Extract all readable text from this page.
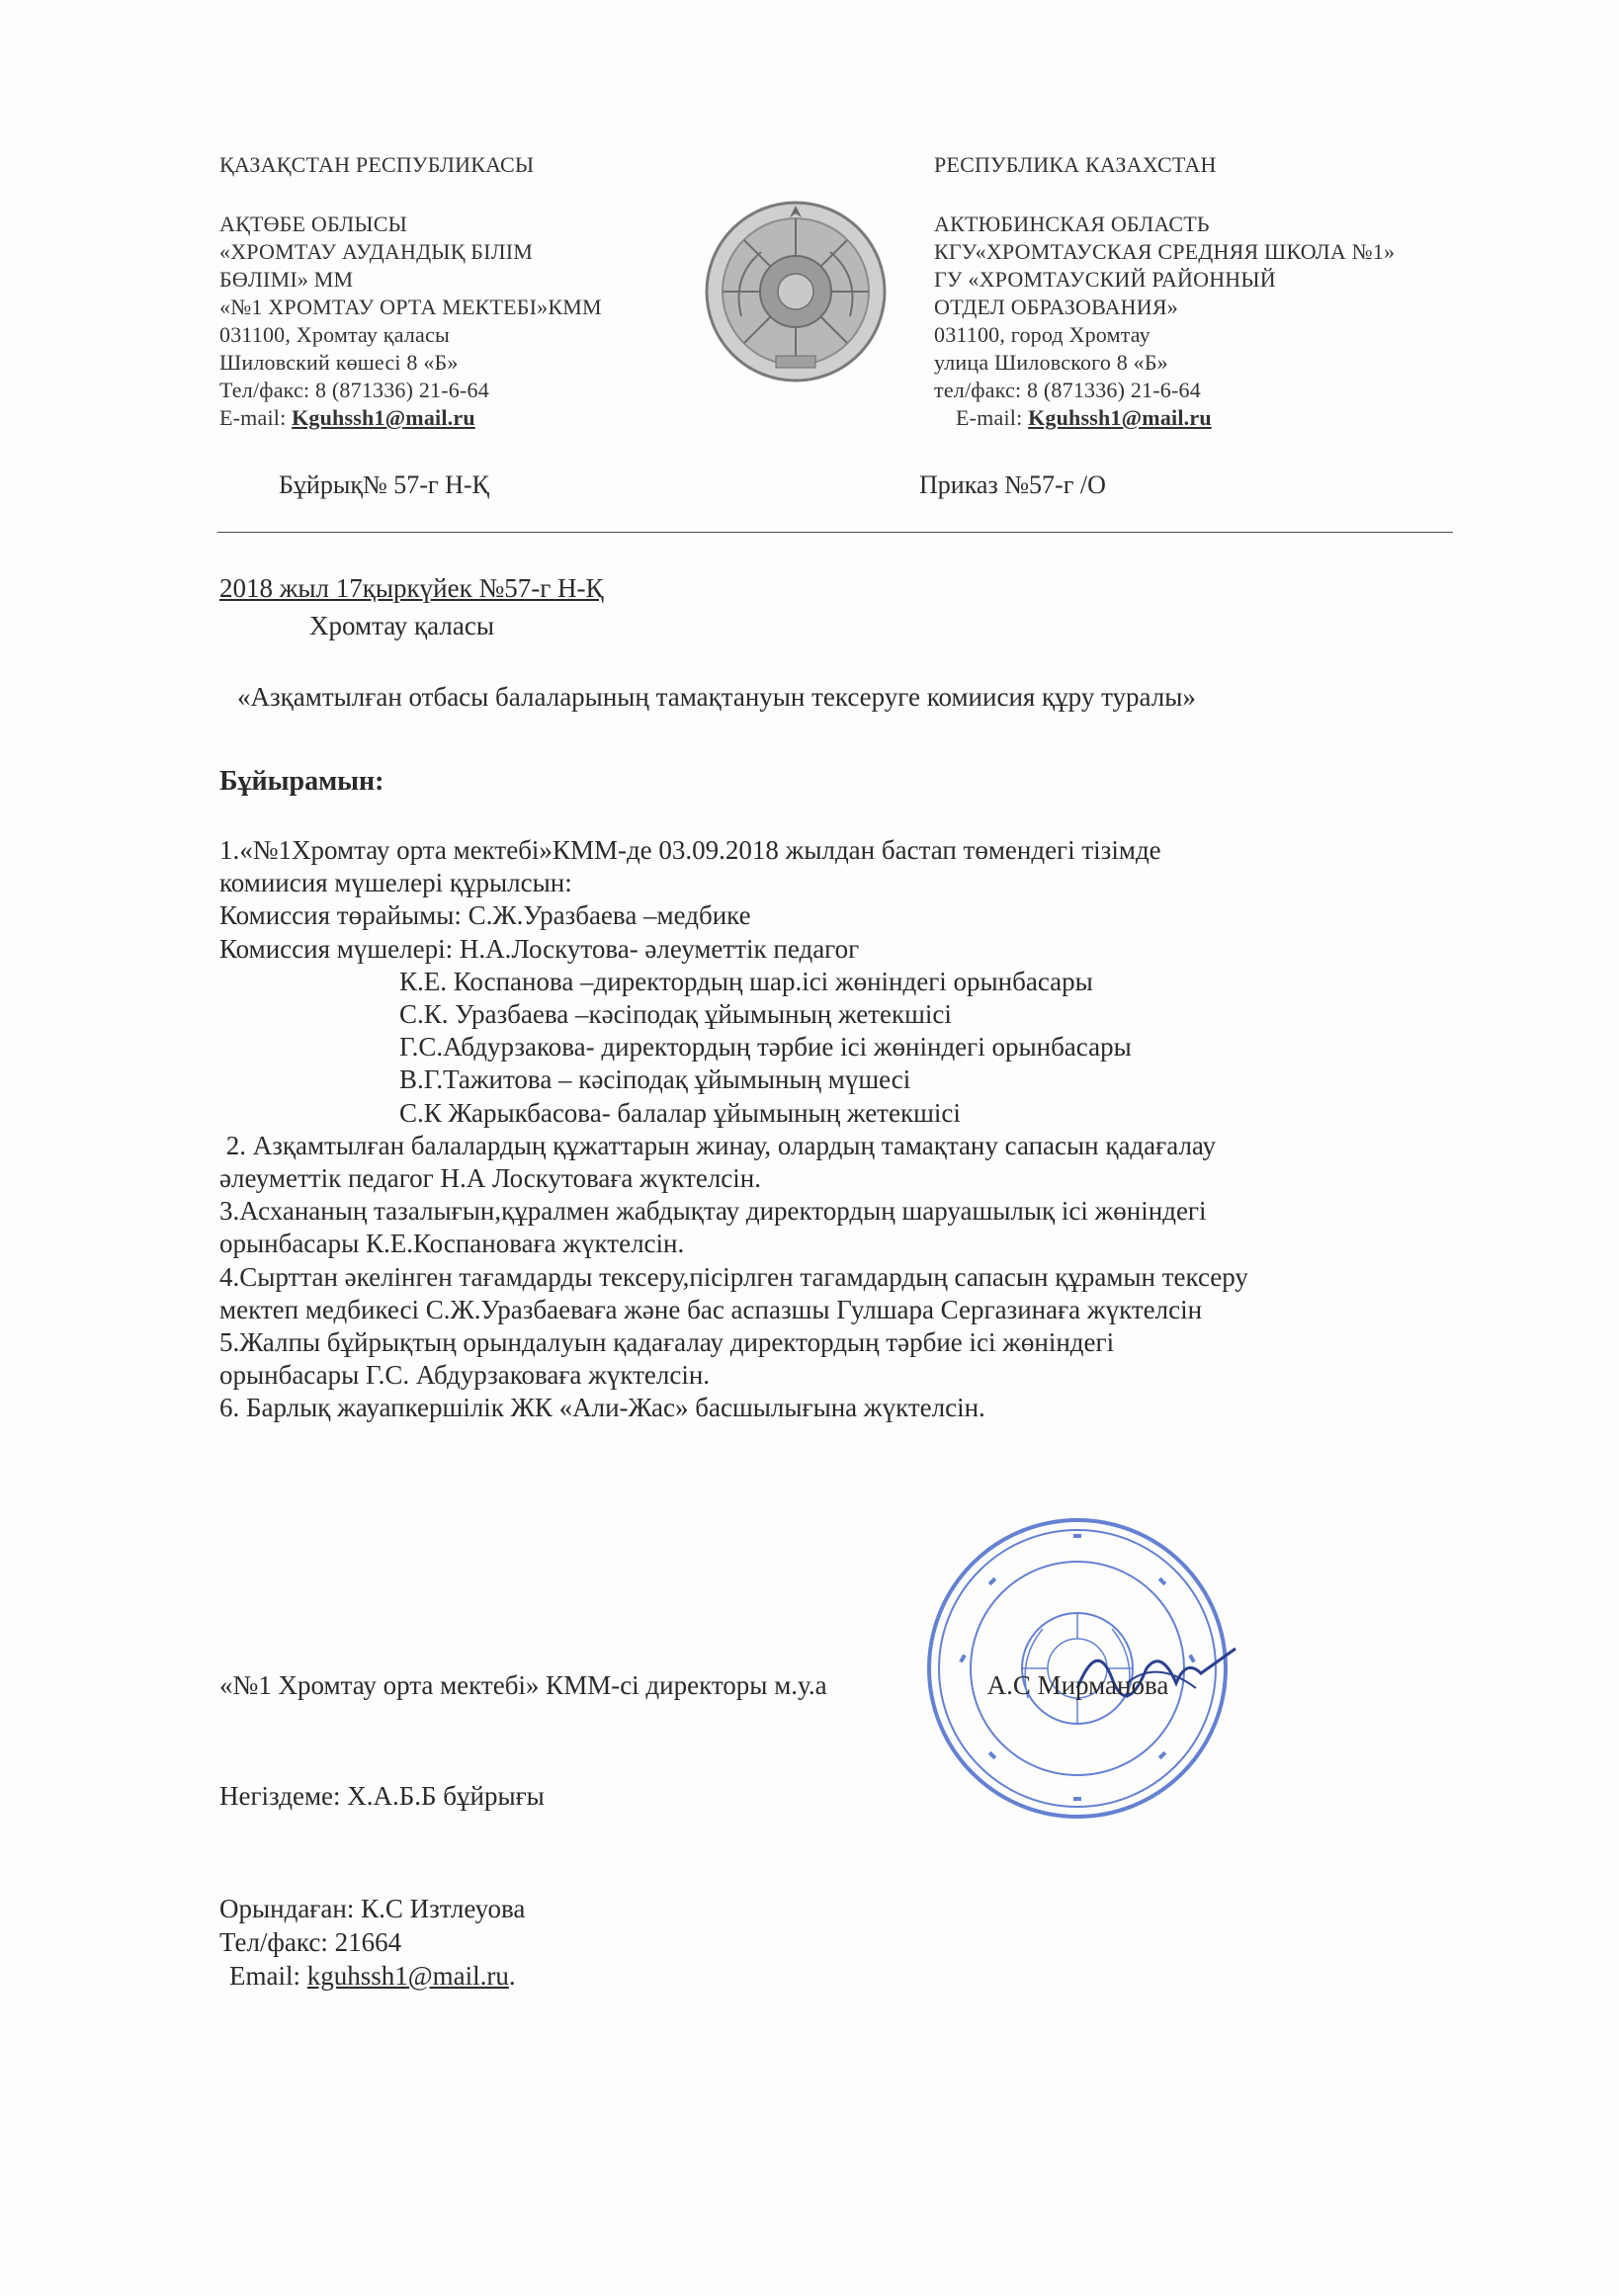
ҚАЗАҚСТАН РЕСПУБЛИКАСЫ
АҚТӨБЕ ОБЛЫСЫ
«ХРОМТАУ АУДАНДЫҚ БІЛІМ
БӨЛІМІ» ММ
«№1 ХРОМТАУ ОРТА МЕКТЕБІ»КММ
031100, Хромтау қаласы
Шиловский көшесі 8 «Б»
Тел/факс: 8 (871336) 21-6-64
E-mail: Kguhssh1@mail.ru
РЕСПУБЛИКА КАЗАХСТАН
АКТЮБИНСКАЯ ОБЛАСТЬ
КГУ«ХРОМТАУСКАЯ СРЕДНЯЯ ШКОЛА №1»
ГУ «ХРОМТАУСКИЙ РАЙОННЫЙ
ОТДЕЛ ОБРАЗОВАНИЯ»
031100, город Хромтау
улица Шиловского 8 «Б»
тел/факс: 8 (871336) 21-6-64
E-mail: Kguhssh1@mail.ru
Бұйрық№ 57-г Н-Қ	Приказ №57-г /О
2018 жыл 17қыркүйек №57-г Н-Қ
Хромтау қаласы
«Азқамтылған отбасы балаларының тамақтануын тексеруге комиисия құру туралы»
Бұйырамын:
1.«№1Хромтау орта мектебі»КММ-де 03.09.2018 жылдан бастап төмендегі тізімде
комиисия мүшелері құрылсын:
Комиссия төрайымы: С.Ж.Уразбаева –медбике
Комиссия мүшелері: Н.А.Лоскутова- әлеуметтік педагог
К.Е. Коспанова –директордың шар.ісі жөніндегі орынбасары
С.К. Уразбаева –кәсіподақ ұйымының жетекшісі
Г.С.Абдурзакова- директордың тәрбие ісі жөніндегі орынбасары
В.Г.Тажитова – кәсіподақ ұйымының мүшесі
С.К Жарыкбасова- балалар ұйымының жетекшісі
2. Азқамтылған балалардың құжаттарын жинау, олардың тамақтану сапасын қадағалау
әлеуметтік педагог Н.А Лоскутоваға жүктелсін.
3.Асхананың тазалығын,құралмен жабдықтау директордың шаруашылық ісі жөніндегі
орынбасары К.Е.Коспановаға жүктелсін.
4.Сырттан әкелінген тағамдарды тексеру,пісірлген тагамдардың сапасын құрамын тексеру
мектеп медбикесі С.Ж.Уразбаеваға және бас аспазшы Гулшара Сергазинаға жүктелсін
5.Жалпы бұйрықтың орындалуын қадағалау директордың тәрбие ісі жөніндегі
орынбасары Г.С. Абдурзаковаға жүктелсін.
6. Барлық жауапкершілік ЖК «Али-Жас» басшылығына жүктелсін.
«№1 Хромтау орта мектебі» КММ-сі директоры м.у.а                        А.С Мирманова
Негіздеме: Х.А.Б.Б бұйрығы
Орындаған: К.С Изтлеуова
Тел/факс: 21664
Email: kguhssh1@mail.ru.
